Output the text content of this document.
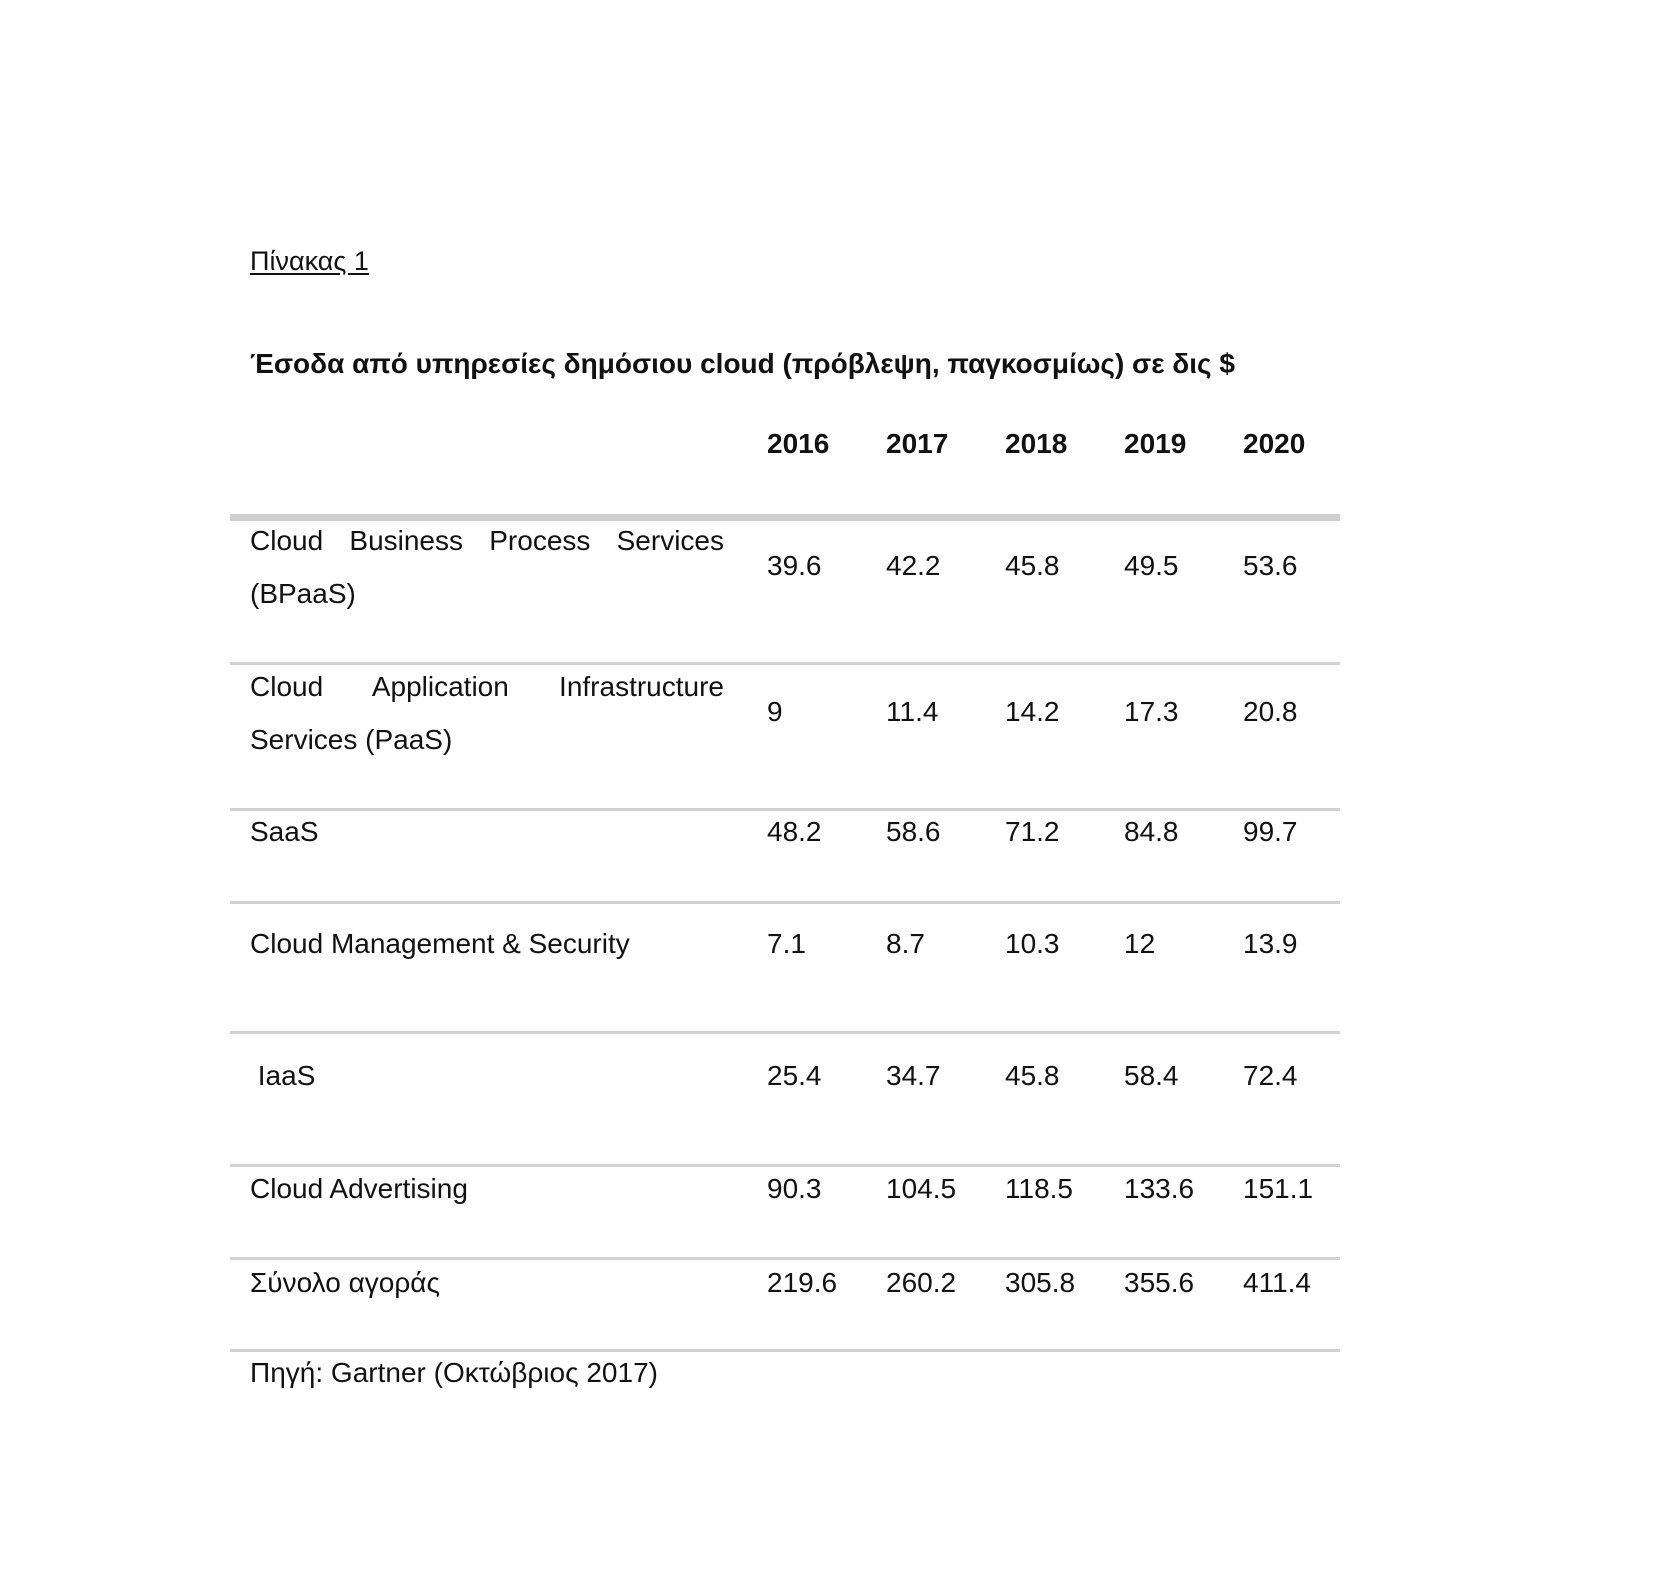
Πίνακας 1
Έσοδα από υπηρεσίες δημόσιου cloud (πρόβλεψη, παγκοσμίως) σε δις $
2016 2017 2018 2019 2020
Cloud Business Process Services (BPaaS)
39.6 42.2 45.8 49.5 53.6
Cloud Application Infrastructure Services (PaaS)
9	11.4 14.2 17.3 20.8
SaaS	48.2 58.6 71.2 84.8 99.7
Cloud Management & Security	7.1	8.7	10.3 12	13.9
IaaS	25.4 34.7 45.8 58.4 72.4
Cloud Advertising	90.3 104.5 118.5 133.6 151.1
Σύνολο αγοράς	219.6 260.2 305.8 355.6 411.4
Πηγή: Gartner (Οκτώβριος 2017)
